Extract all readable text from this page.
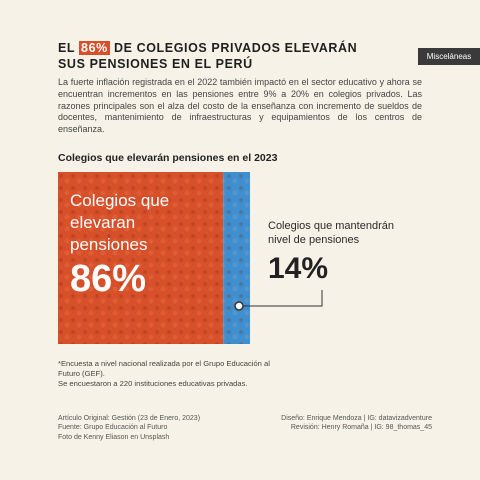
EL 86% DE COLEGIOS PRIVADOS ELEVARÁN
SUS PENSIONES EN EL PERÚ
Misceláneas
La fuerte inflación registrada en el 2022 también impactó en el sector educativo y ahora se encuentran incrementos en las pensiones entre 9% a 20% en colegios privados. Las razones principales son el alza del costo de la enseñanza con incremento de sueldos de docentes, mantenimiento de infraestructuras y equipamientos de los centros de enseñanza.
Colegios que elevarán pensiones en el 2023
Colegios que elevaran pensiones
86%
Colegios que mantendrán nivel de pensiones
14%
*Encuesta a nivel nacional realizada por el Grupo Educación al Futuro (GEF).
Se encuestaron a 220 instituciones educativas privadas.
Artículo Original: Gestión (23 de Enero, 2023)
Fuente: Grupo Educación al Futuro
Foto de Kenny Eliason en Unsplash
Diseño: Enrique Mendoza | IG: datavizadventure
Revisión: Henry Romaña | IG: 98_thomas_45
